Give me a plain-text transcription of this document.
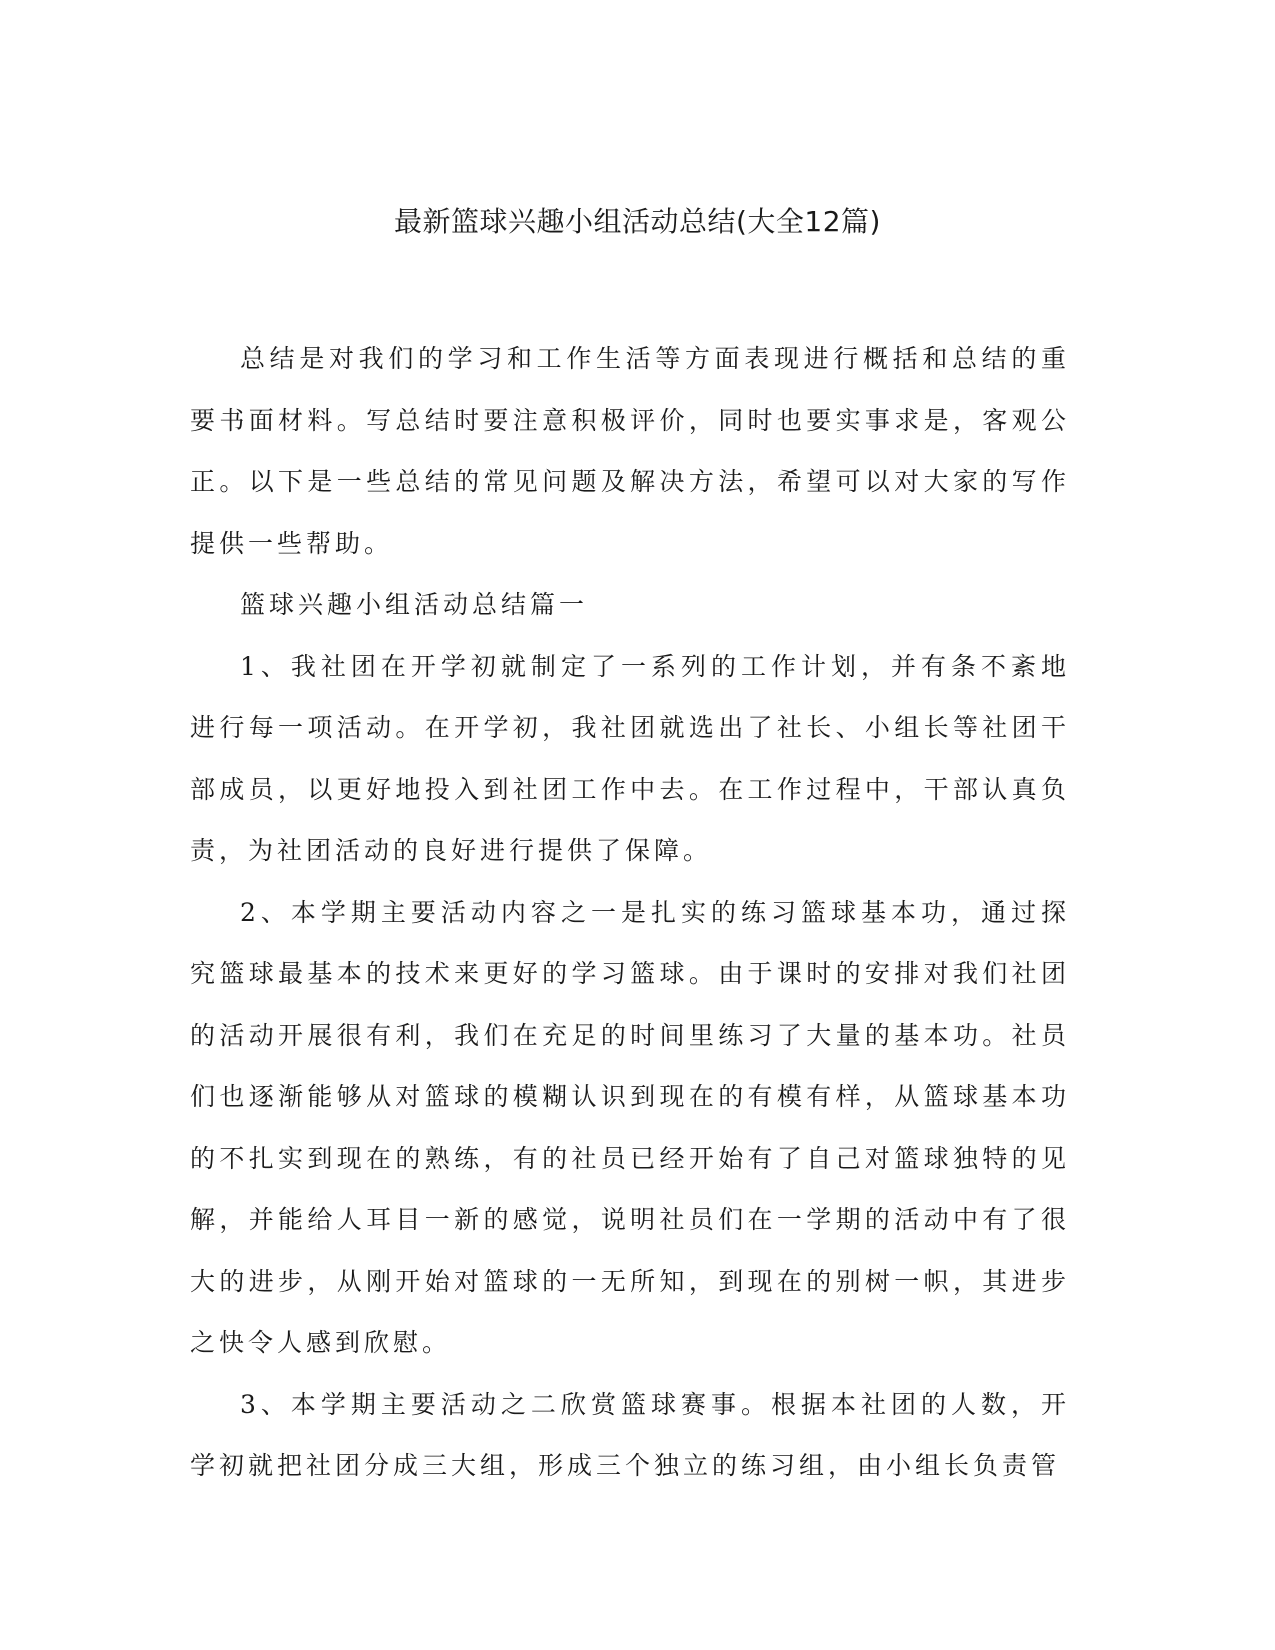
最新篮球兴趣小组活动总结(大全12篇)

总结是对我们的学习和工作生活等方面表现进行概括和总结的重要书面材料。写总结时要注意积极评价，同时也要实事求是，客观公正。以下是一些总结的常见问题及解决方法，希望可以对大家的写作提供一些帮助。

篮球兴趣小组活动总结篇一

1、我社团在开学初就制定了一系列的工作计划，并有条不紊地进行每一项活动。在开学初，我社团就选出了社长、小组长等社团干部成员，以更好地投入到社团工作中去。在工作过程中，干部认真负责，为社团活动的良好进行提供了保障。

2、本学期主要活动内容之一是扎实的练习篮球基本功，通过探究篮球最基本的技术来更好的学习篮球。由于课时的安排对我们社团的活动开展很有利，我们在充足的时间里练习了大量的基本功。社员们也逐渐能够从对篮球的模糊认识到现在的有模有样，从篮球基本功的不扎实到现在的熟练，有的社员已经开始有了自己对篮球独特的见解，并能给人耳目一新的感觉，说明社员们在一学期的活动中有了很大的进步，从刚开始对篮球的一无所知，到现在的别树一帜，其进步之快令人感到欣慰。

3、本学期主要活动之二欣赏篮球赛事。根据本社团的人数，开学初就把社团分成三大组，形成三个独立的练习组，由小组长负责管
